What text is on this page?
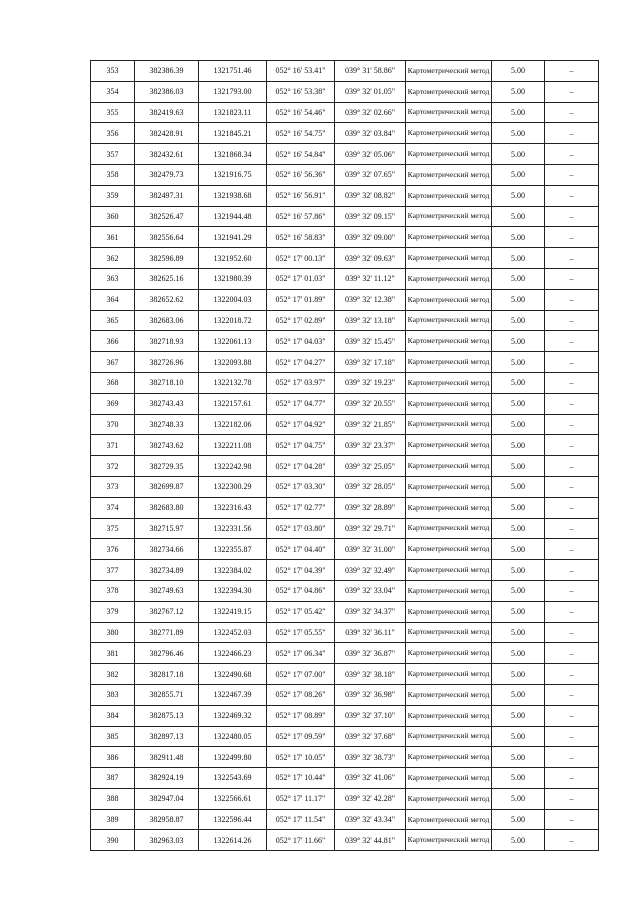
353	382386.39	1321751.46	052° 16' 53.41"	039° 31' 58.86"	Картометрический метод	5.00	–
354	382386.03	1321793.00	052° 16' 53.38"	039° 32' 01.05"	Картометрический метод	5.00	–
355	382419.63	1321823.11	052° 16' 54.46"	039° 32' 02.66"	Картометрический метод	5.00	–
356	382428.91	1321845.21	052° 16' 54.75"	039° 32' 03.84"	Картометрический метод	5.00	–
357	382432.61	1321868.34	052° 16' 54.84"	039° 32' 05.06"	Картометрический метод	5.00	–
358	382479.73	1321916.75	052° 16' 56.36"	039° 32' 07.65"	Картометрический метод	5.00	–
359	382497.31	1321938.68	052° 16' 56.91"	039° 32' 08.82"	Картометрический метод	5.00	–
360	382526.47	1321944.48	052° 16' 57.86"	039° 32' 09.15"	Картометрический метод	5.00	–
361	382556.64	1321941.29	052° 16' 58.83"	039° 32' 09.00"	Картометрический метод	5.00	–
362	382596.89	1321952.60	052° 17' 00.13"	039° 32' 09.63"	Картометрический метод	5.00	–
363	382625.16	1321980.39	052° 17' 01.03"	039° 32' 11.12"	Картометрический метод	5.00	–
364	382652.62	1322004.03	052° 17' 01.89"	039° 32' 12.38"	Картометрический метод	5.00	–
365	382683.06	1322018.72	052° 17' 02.89"	039° 32' 13.18"	Картометрический метод	5.00	–
366	382718.93	1322061.13	052° 17' 04.03"	039° 32' 15.45"	Картометрический метод	5.00	–
367	382726.96	1322093.88	052° 17' 04.27"	039° 32' 17.18"	Картометрический метод	5.00	–
368	382718.10	1322132.78	052° 17' 03.97"	039° 32' 19.23"	Картометрический метод	5.00	–
369	382743.43	1322157.61	052° 17' 04.77"	039° 32' 20.55"	Картометрический метод	5.00	–
370	382748.33	1322182.06	052° 17' 04.92"	039° 32' 21.85"	Картометрический метод	5.00	–
371	382743.62	1322211.08	052° 17' 04.75"	039° 32' 23.37"	Картометрический метод	5.00	–
372	382729.35	1322242.98	052° 17' 04.28"	039° 32' 25.05"	Картометрический метод	5.00	–
373	382699.87	1322300.29	052° 17' 03.30"	039° 32' 28.05"	Картометрический метод	5.00	–
374	382683.80	1322316.43	052° 17' 02.77"	039° 32' 28.89"	Картометрический метод	5.00	–
375	382715.97	1322331.56	052° 17' 03.80"	039° 32' 29.71"	Картометрический метод	5.00	–
376	382734.66	1322355.87	052° 17' 04.40"	039° 32' 31.00"	Картометрический метод	5.00	–
377	382734.89	1322384.02	052° 17' 04.39"	039° 32' 32.49"	Картометрический метод	5.00	–
378	382749.63	1322394.30	052° 17' 04.86"	039° 32' 33.04"	Картометрический метод	5.00	–
379	382767.12	1322419.15	052° 17' 05.42"	039° 32' 34.37"	Картометрический метод	5.00	–
380	382771.89	1322452.03	052° 17' 05.55"	039° 32' 36.11"	Картометрический метод	5.00	–
381	382796.46	1322466.23	052° 17' 06.34"	039° 32' 36.87"	Картометрический метод	5.00	–
382	382817.18	1322490.68	052° 17' 07.00"	039° 32' 38.18"	Картометрический метод	5.00	–
383	382855.71	1322467.39	052° 17' 08.26"	039° 32' 36.98"	Картометрический метод	5.00	–
384	382875.13	1322469.32	052° 17' 08.89"	039° 32' 37.10"	Картометрический метод	5.00	–
385	382897.13	1322480.05	052° 17' 09.59"	039° 32' 37.68"	Картометрический метод	5.00	–
386	382911.48	1322499.80	052° 17' 10.05"	039° 32' 38.73"	Картометрический метод	5.00	–
387	382924.19	1322543.69	052° 17' 10.44"	039° 32' 41.06"	Картометрический метод	5.00	–
388	382947.04	1322566.61	052° 17' 11.17"	039° 32' 42.28"	Картометрический метод	5.00	–
389	382958.87	1322596.44	052° 17' 11.54"	039° 32' 43.34"	Картометрический метод	5.00	–
390	382963.03	1322614.26	052° 17' 11.66"	039° 32' 44.81"	Картометрический метод	5.00	–
